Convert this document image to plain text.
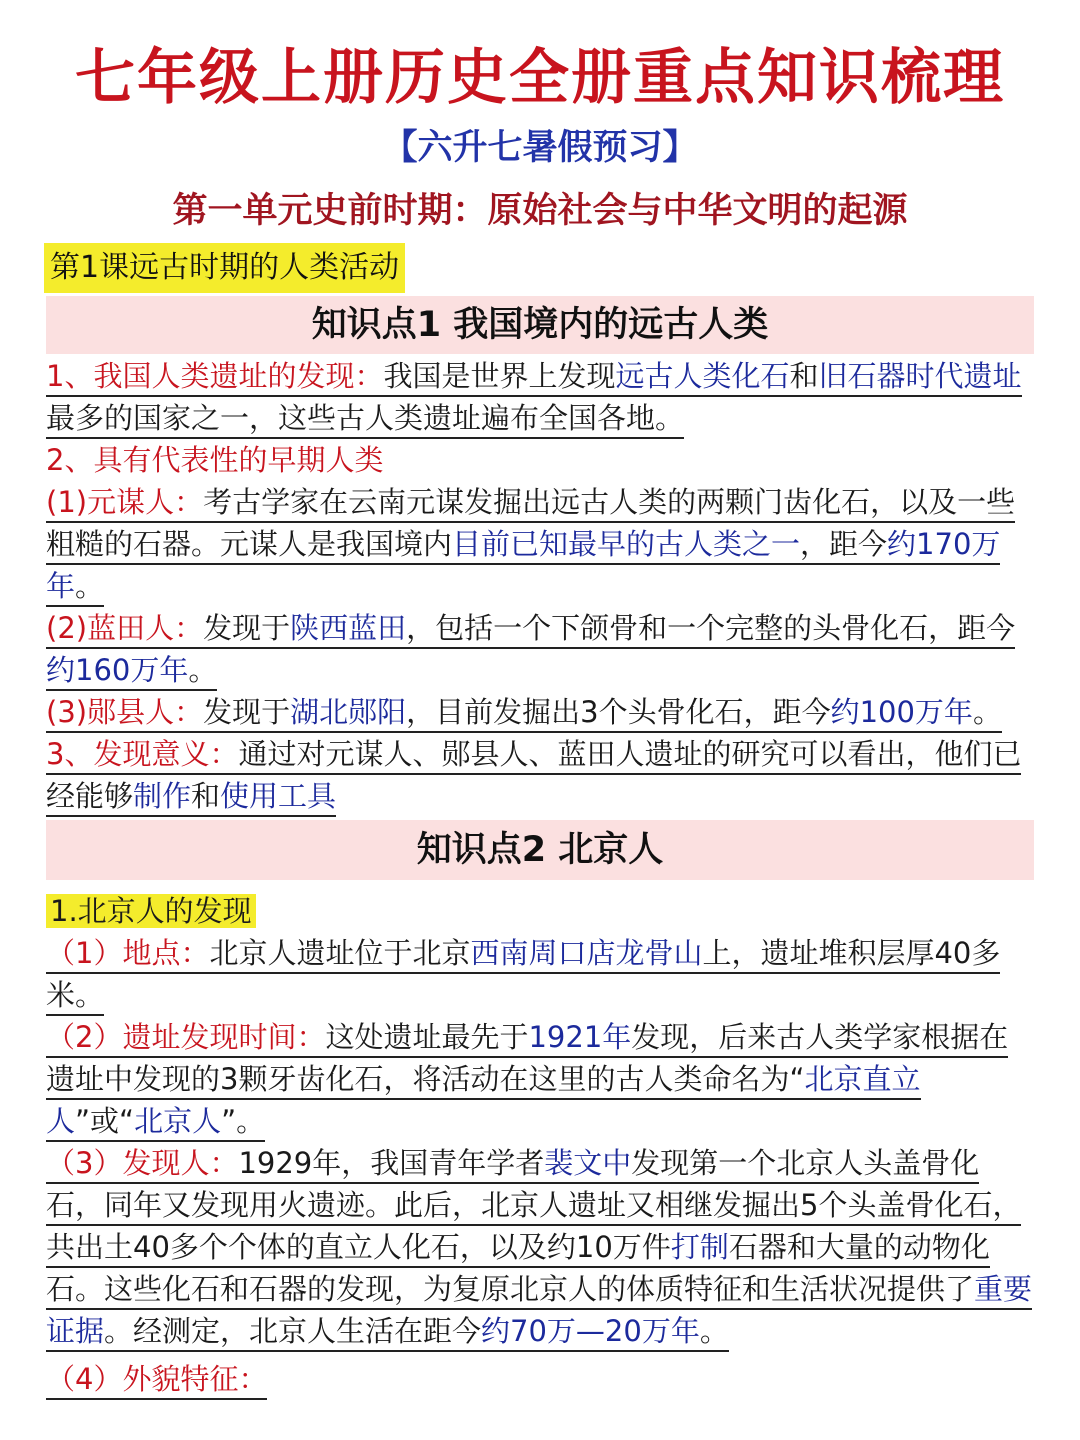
七年级上册历史全册重点知识梳理
【六升七暑假预习】
第一单元史前时期：原始社会与中华文明的起源
第1课远古时期的人类活动
知识点1 我国境内的远古人类
1、我国人类遗址的发现：我国是世界上发现远古人类化石和旧石器时代遗址最多的国家之一，这些古人类遗址遍布全国各地。
2、具有代表性的早期人类
(1)元谋人：考古学家在云南元谋发掘出远古人类的两颗门齿化石，以及一些粗糙的石器。元谋人是我国境内目前已知最早的古人类之一，距今约170万年。
(2)蓝田人：发现于陕西蓝田，包括一个下颌骨和一个完整的头骨化石，距今约160万年。
(3)郧县人：发现于湖北郧阳，目前发掘出3个头骨化石，距今约100万年。
3、发现意义：通过对元谋人、郧县人、蓝田人遗址的研究可以看出，他们已经能够制作和使用工具
知识点2 北京人
1.北京人的发现
（1）地点：北京人遗址位于北京西南周口店龙骨山上，遗址堆积层厚40多米。
（2）遗址发现时间：这处遗址最先于1921年发现，后来古人类学家根据在遗址中发现的3颗牙齿化石，将活动在这里的古人类命名为“北京直立人”或“北京人”。
（3）发现人：1929年，我国青年学者裴文中发现第一个北京人头盖骨化石，同年又发现用火遗迹。此后，北京人遗址又相继发掘出5个头盖骨化石，共出土40多个个体的直立人化石，以及约10万件打制石器和大量的动物化石。这些化石和石器的发现，为复原北京人的体质特征和生活状况提供了重要证据。经测定，北京人生活在距今约70万—20万年。
（4）外貌特征：
